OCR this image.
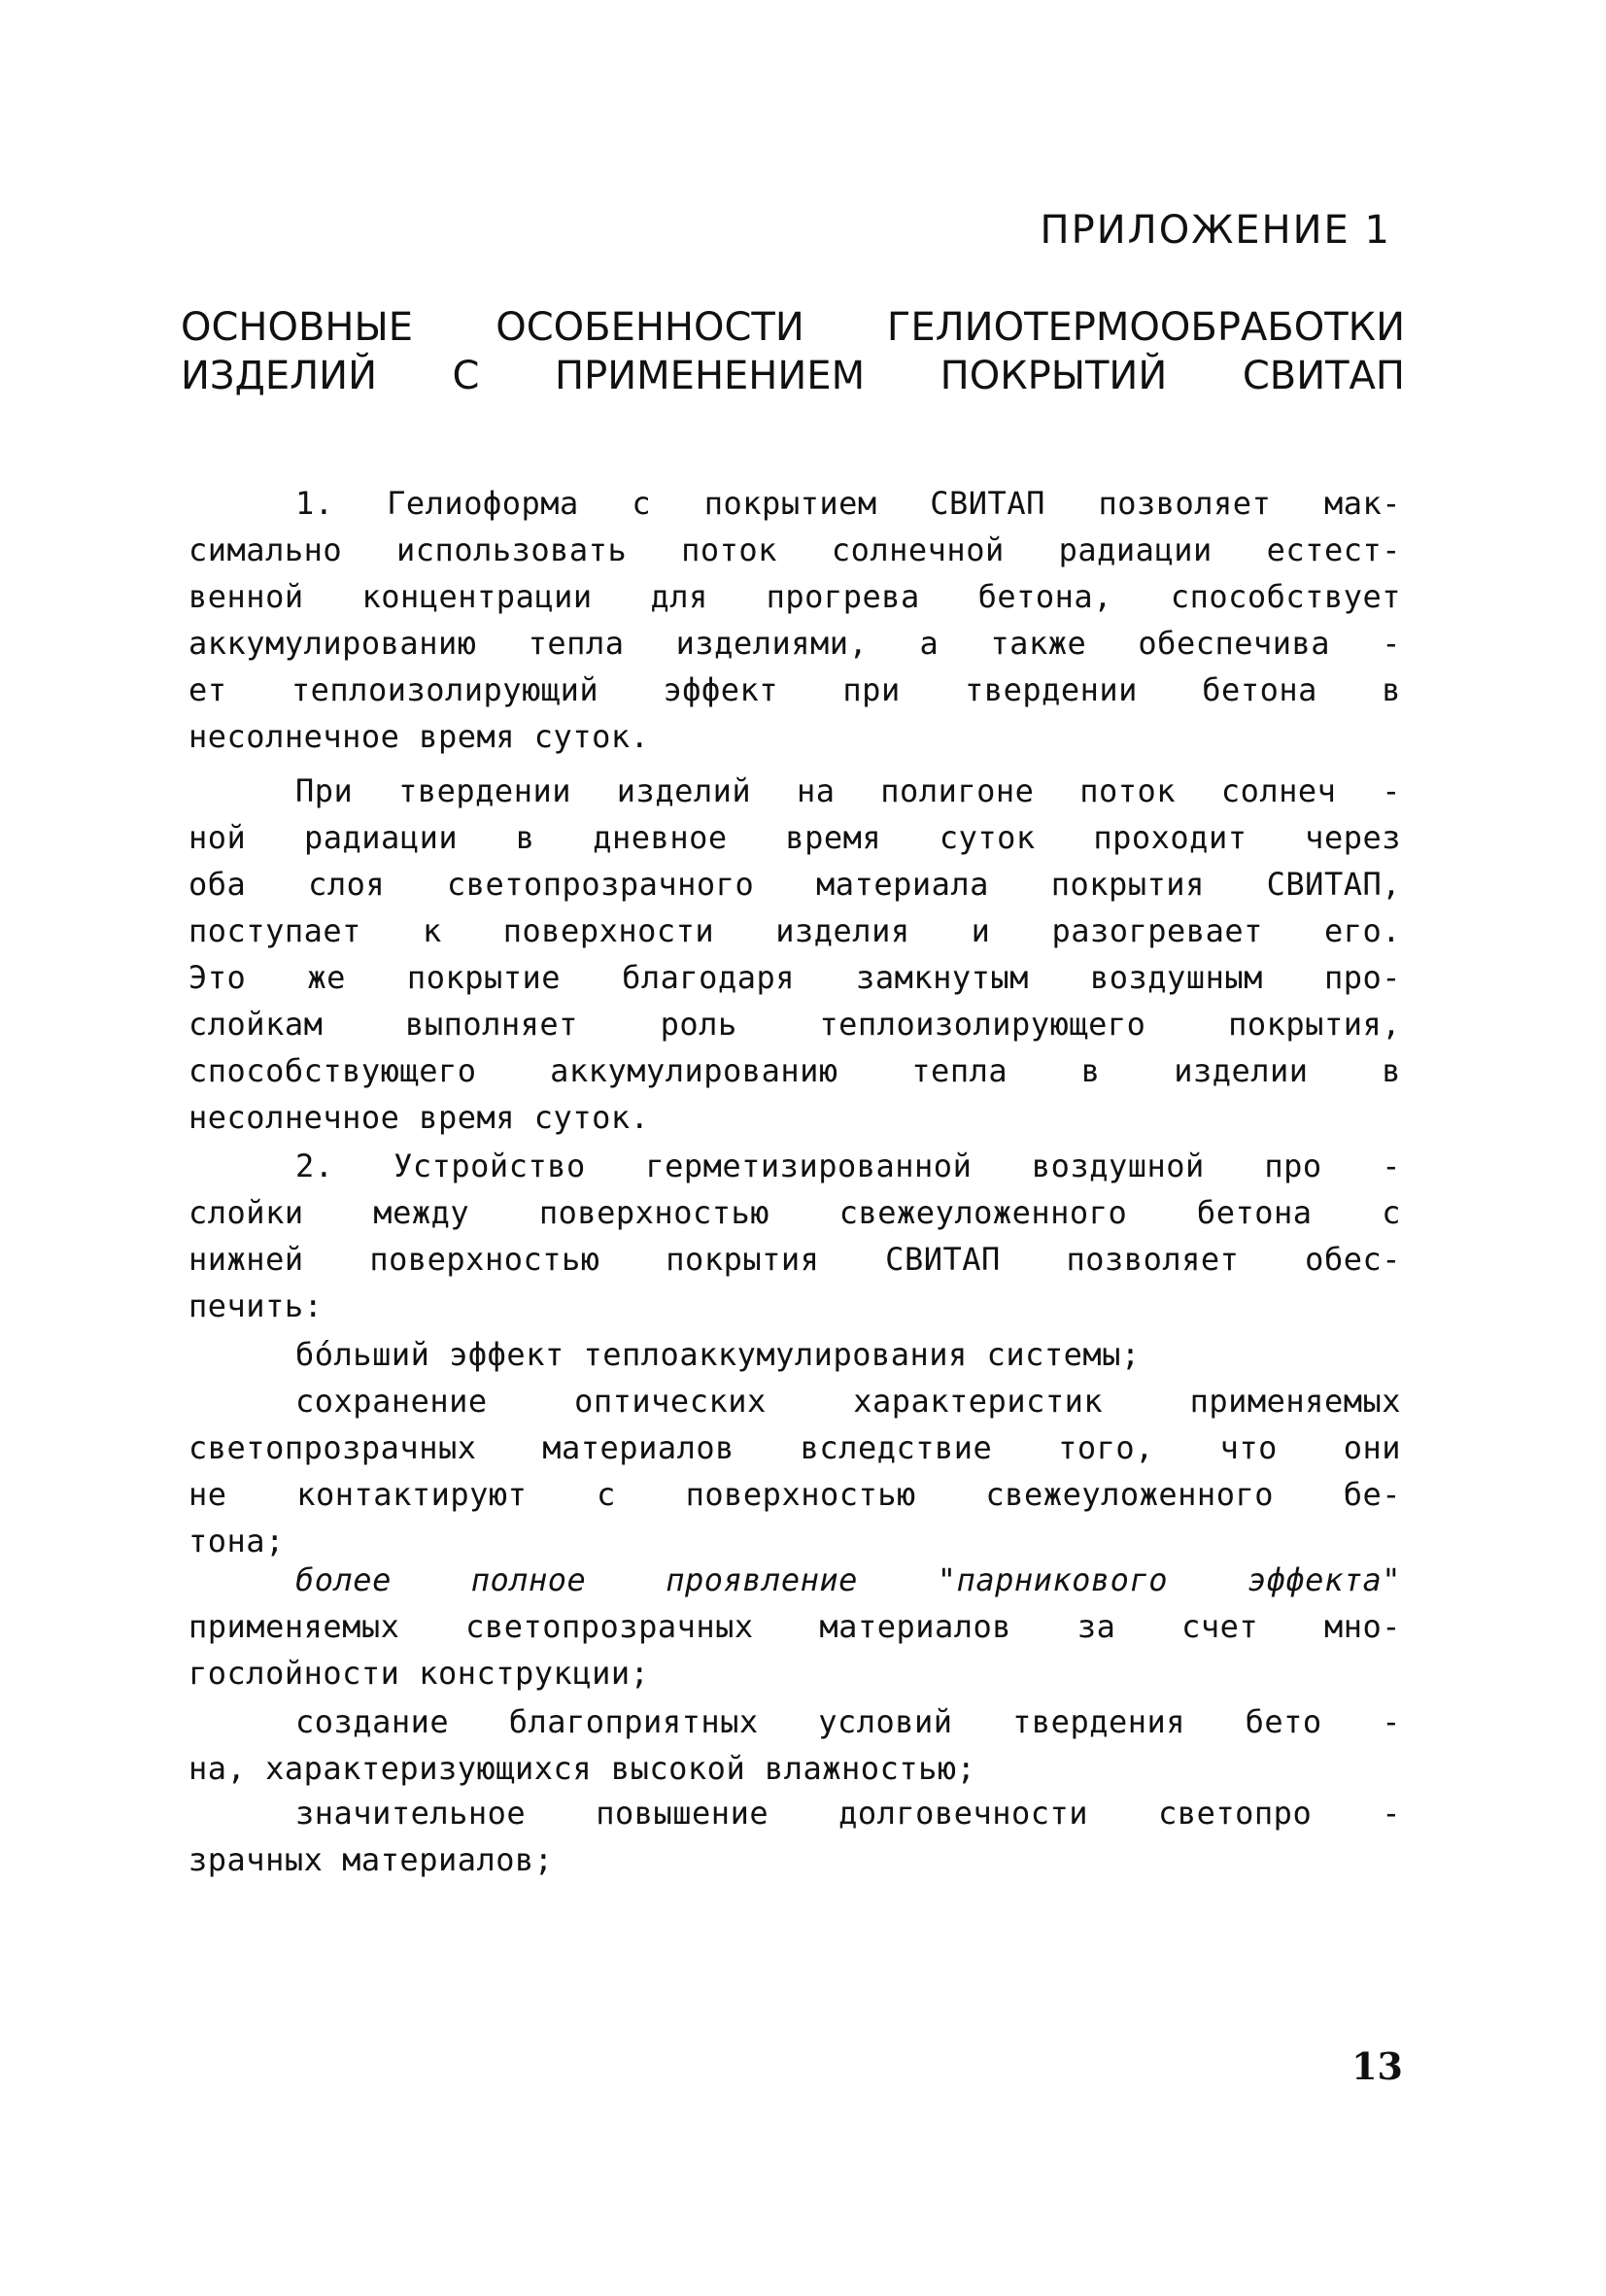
ПРИЛОЖЕНИЕ 1
ОСНОВНЫЕ ОСОБЕННОСТИ ГЕЛИОТЕРМООБРАБОТКИ
ИЗДЕЛИЙ С ПРИМЕНЕНИЕМ ПОКРЫТИЙ СВИТАП
1. Гелиоформа с покрытием СВИТАП позволяет мак-
симально использовать поток солнечной радиации естест-
венной концентрации для прогрева бетона, способствует
аккумулированию тепла изделиями, а также обеспечива -
ет теплоизолирующий эффект при твердении бетона в
несолнечное время суток.
При твердении изделий на полигоне поток солнеч -
ной радиации в дневное время суток проходит через
оба слоя светопрозрачного материала покрытия СВИТАП,
поступает к поверхности изделия и разогревает его.
Это же покрытие благодаря замкнутым воздушным про-
слойкам выполняет роль теплоизолирующего покрытия,
способствующего аккумулированию тепла в изделии в
несолнечное время суток.
2. Устройство герметизированной воздушной про -
слойки между поверхностью свежеуложенного бетона с
нижней поверхностью покрытия СВИТАП позволяет обес-
печить:
бо́льший эффект теплоаккумулирования системы;
сохранение оптических характеристик применяемых
светопрозрачных материалов вследствие того, что они
не контактируют с поверхностью свежеуложенного бе-
тона;
более полное проявление "парникового эффекта"
применяемых светопрозрачных материалов за счет мно-
гослойности конструкции;
создание благоприятных условий твердения бето -
на, характеризующихся высокой влажностью;
значительное повышение долговечности светопро -
зрачных материалов;
13
